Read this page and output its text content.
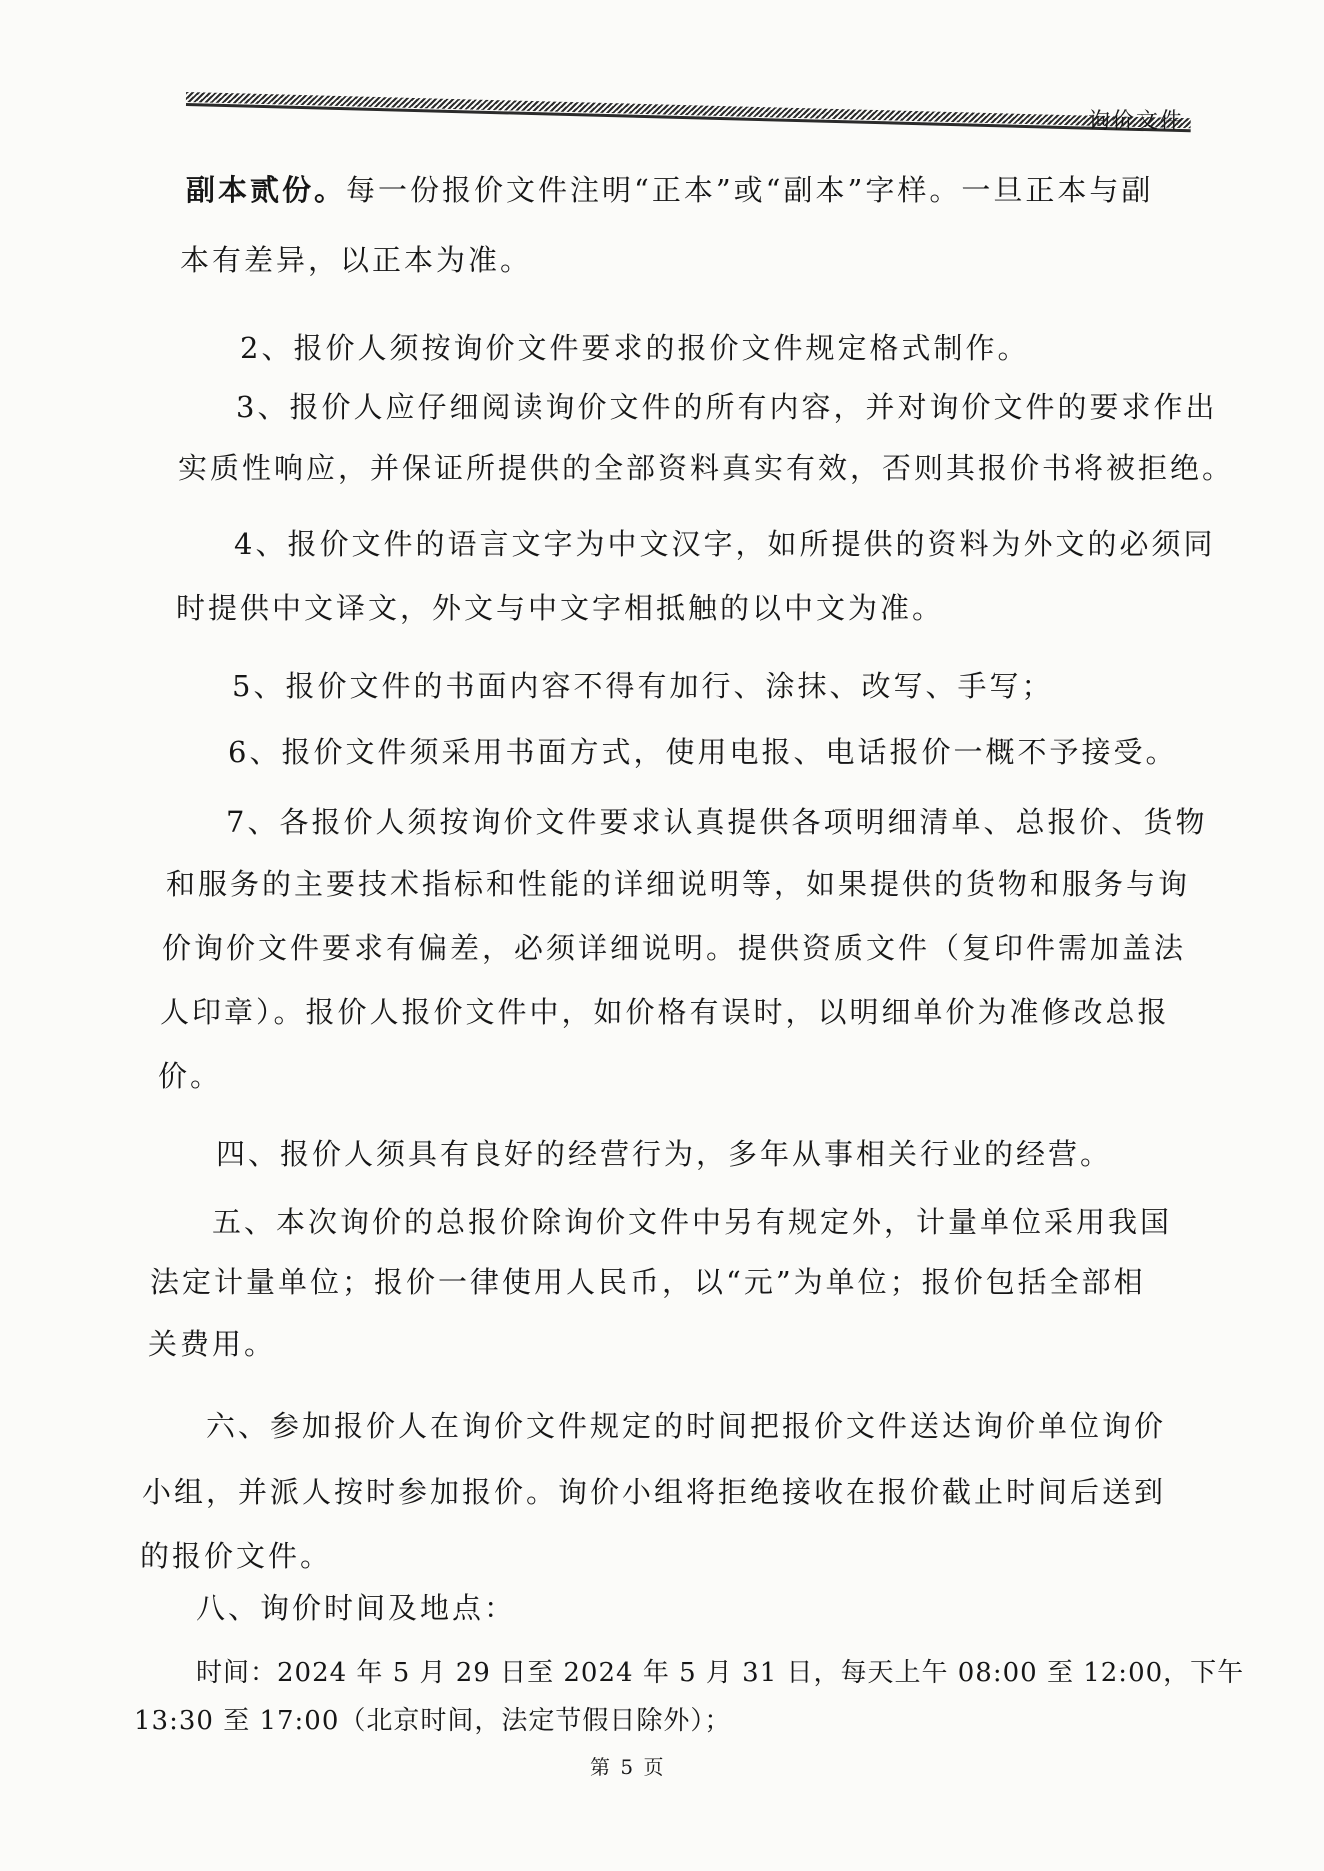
询价文件
副本贰份。每一份报价文件注明“正本”或“副本”字样。一旦正本与副
本有差异，以正本为准。
2、报价人须按询价文件要求的报价文件规定格式制作。
3、报价人应仔细阅读询价文件的所有内容，并对询价文件的要求作出
实质性响应，并保证所提供的全部资料真实有效，否则其报价书将被拒绝。
4、报价文件的语言文字为中文汉字，如所提供的资料为外文的必须同
时提供中文译文，外文与中文字相抵触的以中文为准。
5、报价文件的书面内容不得有加行、涂抹、改写、手写；
6、报价文件须采用书面方式，使用电报、电话报价一概不予接受。
7、各报价人须按询价文件要求认真提供各项明细清单、总报价、货物
和服务的主要技术指标和性能的详细说明等，如果提供的货物和服务与询
价询价文件要求有偏差，必须详细说明。提供资质文件（复印件需加盖法
人印章）。报价人报价文件中，如价格有误时，以明细单价为准修改总报
价。
四、报价人须具有良好的经营行为，多年从事相关行业的经营。
五、本次询价的总报价除询价文件中另有规定外，计量单位采用我国
法定计量单位；报价一律使用人民币，以“元”为单位；报价包括全部相
关费用。
六、参加报价人在询价文件规定的时间把报价文件送达询价单位询价
小组，并派人按时参加报价。询价小组将拒绝接收在报价截止时间后送到
的报价文件。
八、询价时间及地点：
时间：2024 年 5 月 29 日至 2024 年 5 月 31 日，每天上午 08:00 至 12:00，下午
13:30 至 17:00（北京时间，法定节假日除外）；
第 5 页
